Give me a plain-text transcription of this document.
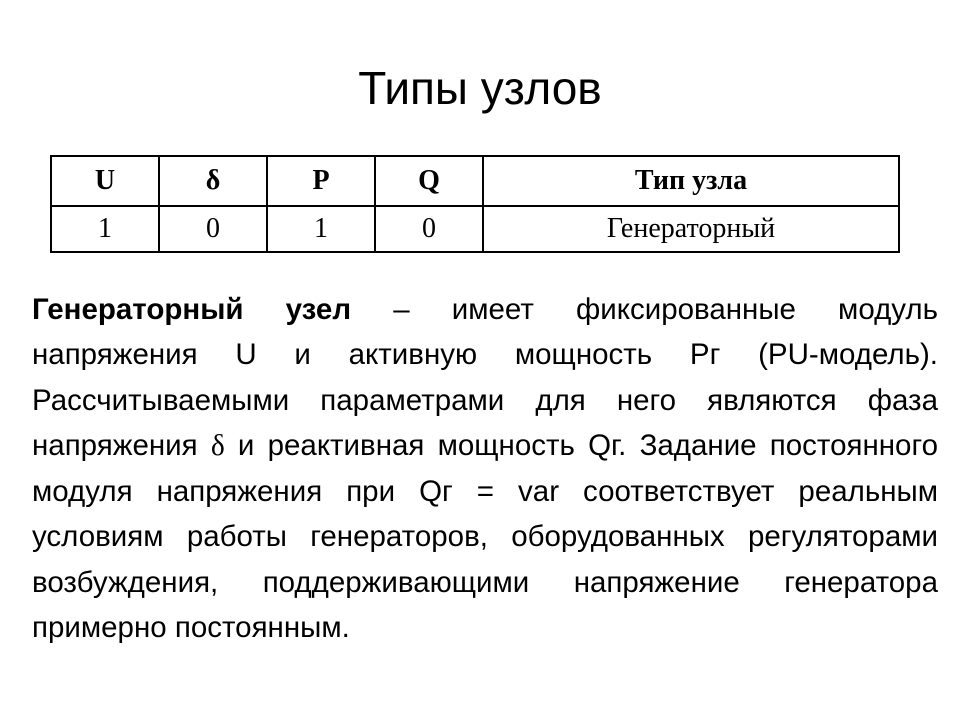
Типы узлов
U	δ	P	Q	Тип узла
1	0	1	0	Генераторный
Генераторный узел – имеет фиксированные модуль напряжения U и активную мощность Pг (PU-модель). Рассчитываемыми параметрами для него являются фаза напряжения δ и реактивная мощность Qг. Задание постоянного модуля напряжения при Qг = var соответствует реальным условиям работы генераторов, оборудованных регуляторами возбуждения, поддерживающими напряжение генератора примерно постоянным.
